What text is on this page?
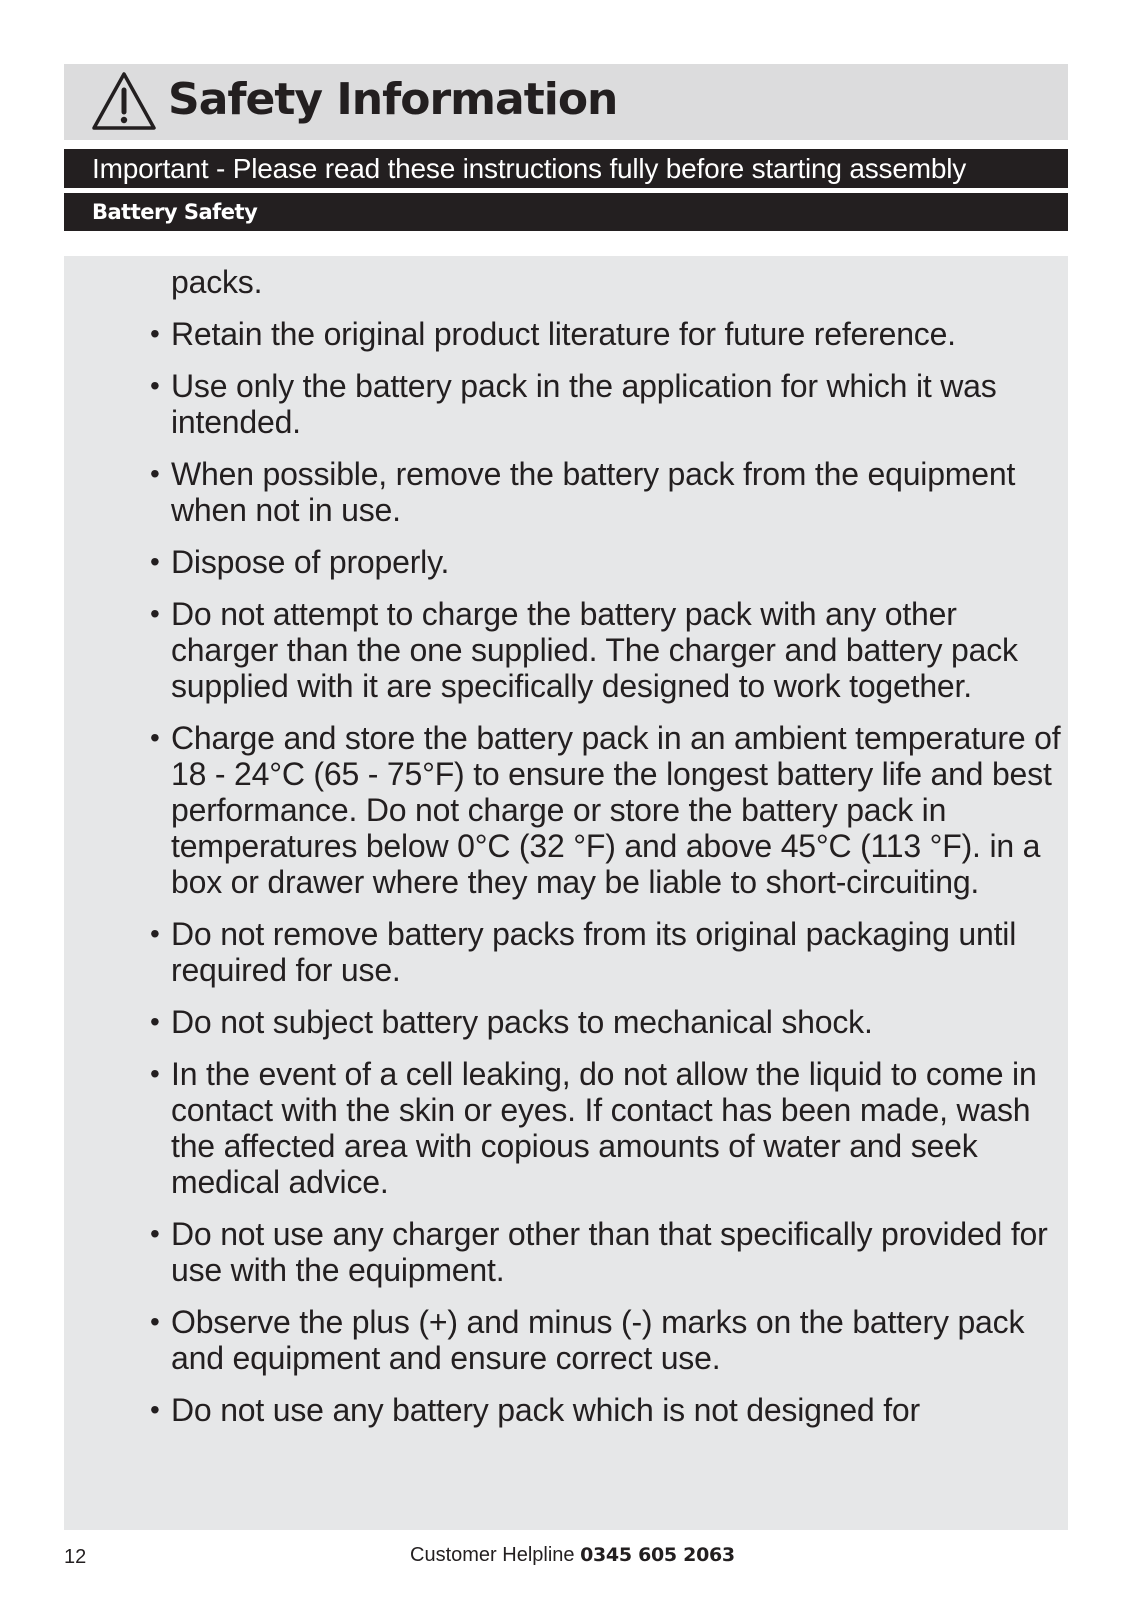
Safety Information
Important - Please read these instructions fully before starting assembly
Battery Safety
packs.
• Retain the original product literature for future reference.
• Use only the battery pack in the application for which it was intended.
• When possible, remove the battery pack from the equipment when not in use.
• Dispose of properly.
• Do not attempt to charge the battery pack with any other charger than the one supplied. The charger and battery pack supplied with it are specifically designed to work together.
• Charge and store the battery pack in an ambient temperature of 18 - 24°C (65 - 75°F) to ensure the longest battery life and best performance. Do not charge or store the battery pack in temperatures below 0°C (32 °F) and above 45°C (113 °F). in a box or drawer where they may be liable to short-circuiting.
• Do not remove battery packs from its original packaging until required for use.
• Do not subject battery packs to mechanical shock.
• In the event of a cell leaking, do not allow the liquid to come in contact with the skin or eyes. If contact has been made, wash the affected area with copious amounts of water and seek medical advice.
• Do not use any charger other than that specifically provided for use with the equipment.
• Observe the plus (+) and minus (-) marks on the battery pack and equipment and ensure correct use.
• Do not use any battery pack which is not designed for
12	Customer Helpline 0345 605 2063
